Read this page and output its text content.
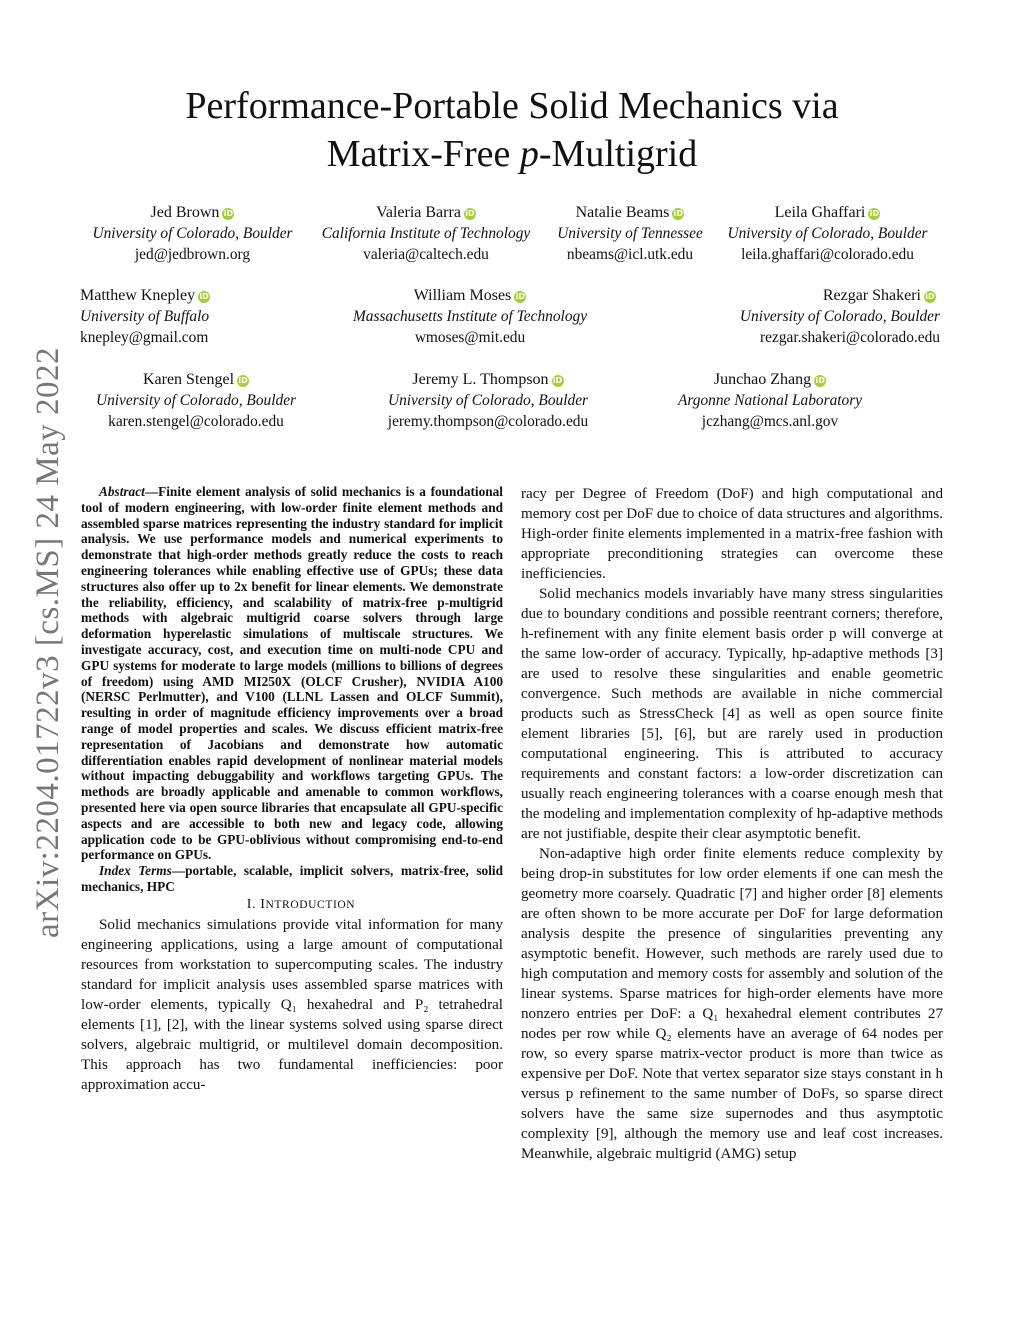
arXiv:2204.01722v3 [cs.MS] 24 May 2022
Performance-Portable Solid Mechanics via
Matrix-Free p-Multigrid
Jed Brown iD
University of Colorado, Boulder
jed@jedbrown.org
Valeria Barra iD
California Institute of Technology
valeria@caltech.edu
Natalie Beams iD
University of Tennessee
nbeams@icl.utk.edu
Leila Ghaffari iD
University of Colorado, Boulder
leila.ghaffari@colorado.edu
Matthew Knepley iD
University of Buffalo
knepley@gmail.com
William Moses iD
Massachusetts Institute of Technology
wmoses@mit.edu
Rezgar Shakeri iD
University of Colorado, Boulder
rezgar.shakeri@colorado.edu
Karen Stengel iD
University of Colorado, Boulder
karen.stengel@colorado.edu
Jeremy L. Thompson iD
University of Colorado, Boulder
jeremy.thompson@colorado.edu
Junchao Zhang iD
Argonne National Laboratory
jczhang@mcs.anl.gov

Abstract—Finite element analysis of solid mechanics is a foundational tool of modern engineering, with low-order finite element methods and assembled sparse matrices representing the industry standard for implicit analysis. We use performance models and numerical experiments to demonstrate that high-order methods greatly reduce the costs to reach engineering tolerances while enabling effective use of GPUs; these data structures also offer up to 2x benefit for linear elements. We demonstrate the reliability, efficiency, and scalability of matrix-free p-multigrid methods with algebraic multigrid coarse solvers through large deformation hyperelastic simulations of multiscale structures. We investigate accuracy, cost, and execution time on multi-node CPU and GPU systems for moderate to large models (millions to billions of degrees of freedom) using AMD MI250X (OLCF Crusher), NVIDIA A100 (NERSC Perlmutter), and V100 (LLNL Lassen and OLCF Summit), resulting in order of magnitude efficiency improvements over a broad range of model properties and scales. We discuss efficient matrix-free representation of Jacobians and demonstrate how automatic differentiation enables rapid development of nonlinear material models without impacting debuggability and workflows targeting GPUs. The methods are broadly applicable and amenable to common workflows, presented here via open source libraries that encapsulate all GPU-specific aspects and are accessible to both new and legacy code, allowing application code to be GPU-oblivious without compromising end-to-end performance on GPUs.

Index Terms—portable, scalable, implicit solvers, matrix-free, solid mechanics, HPC

I. INTRODUCTION

Solid mechanics simulations provide vital information for many engineering applications, using a large amount of computational resources from workstation to supercomputing scales. The industry standard for implicit analysis uses assembled sparse matrices with low-order elements, typically Q₁ hexahedral and P₂ tetrahedral elements [1], [2], with the linear systems solved using sparse direct solvers, algebraic multigrid, or multilevel domain decomposition. This approach has two fundamental inefficiencies: poor approximation accu-

racy per Degree of Freedom (DoF) and high computational and memory cost per DoF due to choice of data structures and algorithms. High-order finite elements implemented in a matrix-free fashion with appropriate preconditioning strategies can overcome these inefficiencies.

Solid mechanics models invariably have many stress singularities due to boundary conditions and possible reentrant corners; therefore, h-refinement with any finite element basis order p will converge at the same low-order of accuracy. Typically, hp-adaptive methods [3] are used to resolve these singularities and enable geometric convergence. Such methods are available in niche commercial products such as StressCheck [4] as well as open source finite element libraries [5], [6], but are rarely used in production computational engineering. This is attributed to accuracy requirements and constant factors: a low-order discretization can usually reach engineering tolerances with a coarse enough mesh that the modeling and implementation complexity of hp-adaptive methods are not justifiable, despite their clear asymptotic benefit.

Non-adaptive high order finite elements reduce complexity by being drop-in substitutes for low order elements if one can mesh the geometry more coarsely. Quadratic [7] and higher order [8] elements are often shown to be more accurate per DoF for large deformation analysis despite the presence of singularities preventing any asymptotic benefit. However, such methods are rarely used due to high computation and memory costs for assembly and solution of the linear systems. Sparse matrices for high-order elements have more nonzero entries per DoF: a Q₁ hexahedral element contributes 27 nodes per row while Q₂ elements have an average of 64 nodes per row, so every sparse matrix-vector product is more than twice as expensive per DoF. Note that vertex separator size stays constant in h versus p refinement to the same number of DoFs, so sparse direct solvers have the same size supernodes and thus asymptotic complexity [9], although the memory use and leaf cost increases. Meanwhile, algebraic multigrid (AMG) setup
